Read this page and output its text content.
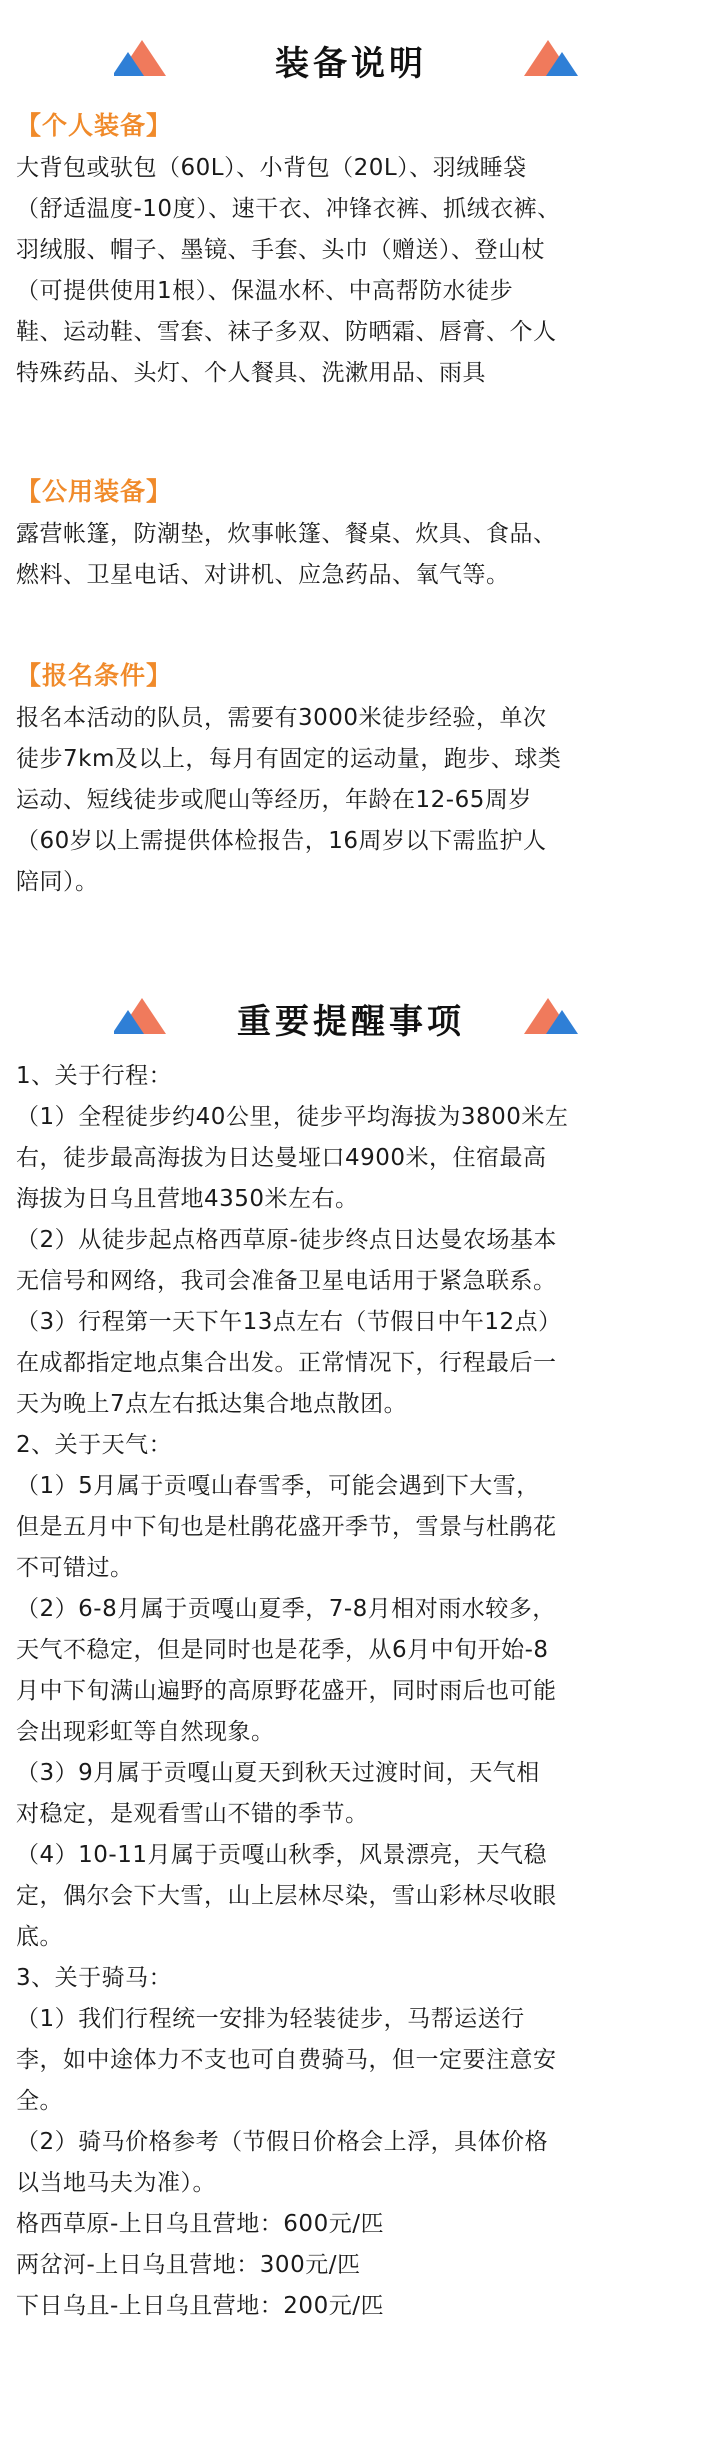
装备说明
【个人装备】
大背包或驮包（60L）、小背包（20L）、羽绒睡袋
（舒适温度-10度）、速干衣、冲锋衣裤、抓绒衣裤、
羽绒服、帽子、墨镜、手套、头巾（赠送）、登山杖
（可提供使用1根）、保温水杯、中高帮防水徒步
鞋、运动鞋、雪套、袜子多双、防晒霜、唇膏、个人
特殊药品、头灯、个人餐具、洗漱用品、雨具
【公用装备】
露营帐篷，防潮垫，炊事帐篷、餐桌、炊具、食品、
燃料、卫星电话、对讲机、应急药品、氧气等。
【报名条件】
报名本活动的队员，需要有3000米徒步经验，单次
徒步7km及以上，每月有固定的运动量，跑步、球类
运动、短线徒步或爬山等经历，年龄在12-65周岁
（60岁以上需提供体检报告，16周岁以下需监护人
陪同）。
重要提醒事项
1、关于行程：
（1）全程徒步约40公里，徒步平均海拔为3800米左
右，徒步最高海拔为日达曼垭口4900米，住宿最高
海拔为日乌且营地4350米左右。
（2）从徒步起点格西草原-徒步终点日达曼农场基本
无信号和网络，我司会准备卫星电话用于紧急联系。
（3）行程第一天下午13点左右（节假日中午12点）
在成都指定地点集合出发。正常情况下，行程最后一
天为晚上7点左右抵达集合地点散团。
2、关于天气：
（1）5月属于贡嘎山春雪季，可能会遇到下大雪，
但是五月中下旬也是杜鹃花盛开季节，雪景与杜鹃花
不可错过。
（2）6-8月属于贡嘎山夏季，7-8月相对雨水较多，
天气不稳定，但是同时也是花季，从6月中旬开始-8
月中下旬满山遍野的高原野花盛开，同时雨后也可能
会出现彩虹等自然现象。
（3）9月属于贡嘎山夏天到秋天过渡时间，天气相
对稳定，是观看雪山不错的季节。
（4）10-11月属于贡嘎山秋季，风景漂亮，天气稳
定，偶尔会下大雪，山上层林尽染，雪山彩林尽收眼
底。
3、关于骑马：
（1）我们行程统一安排为轻装徒步，马帮运送行
李，如中途体力不支也可自费骑马，但一定要注意安
全。
（2）骑马价格参考（节假日价格会上浮，具体价格
以当地马夫为准）。
格西草原-上日乌且营地：600元/匹
两岔河-上日乌且营地：300元/匹
下日乌且-上日乌且营地：200元/匹
